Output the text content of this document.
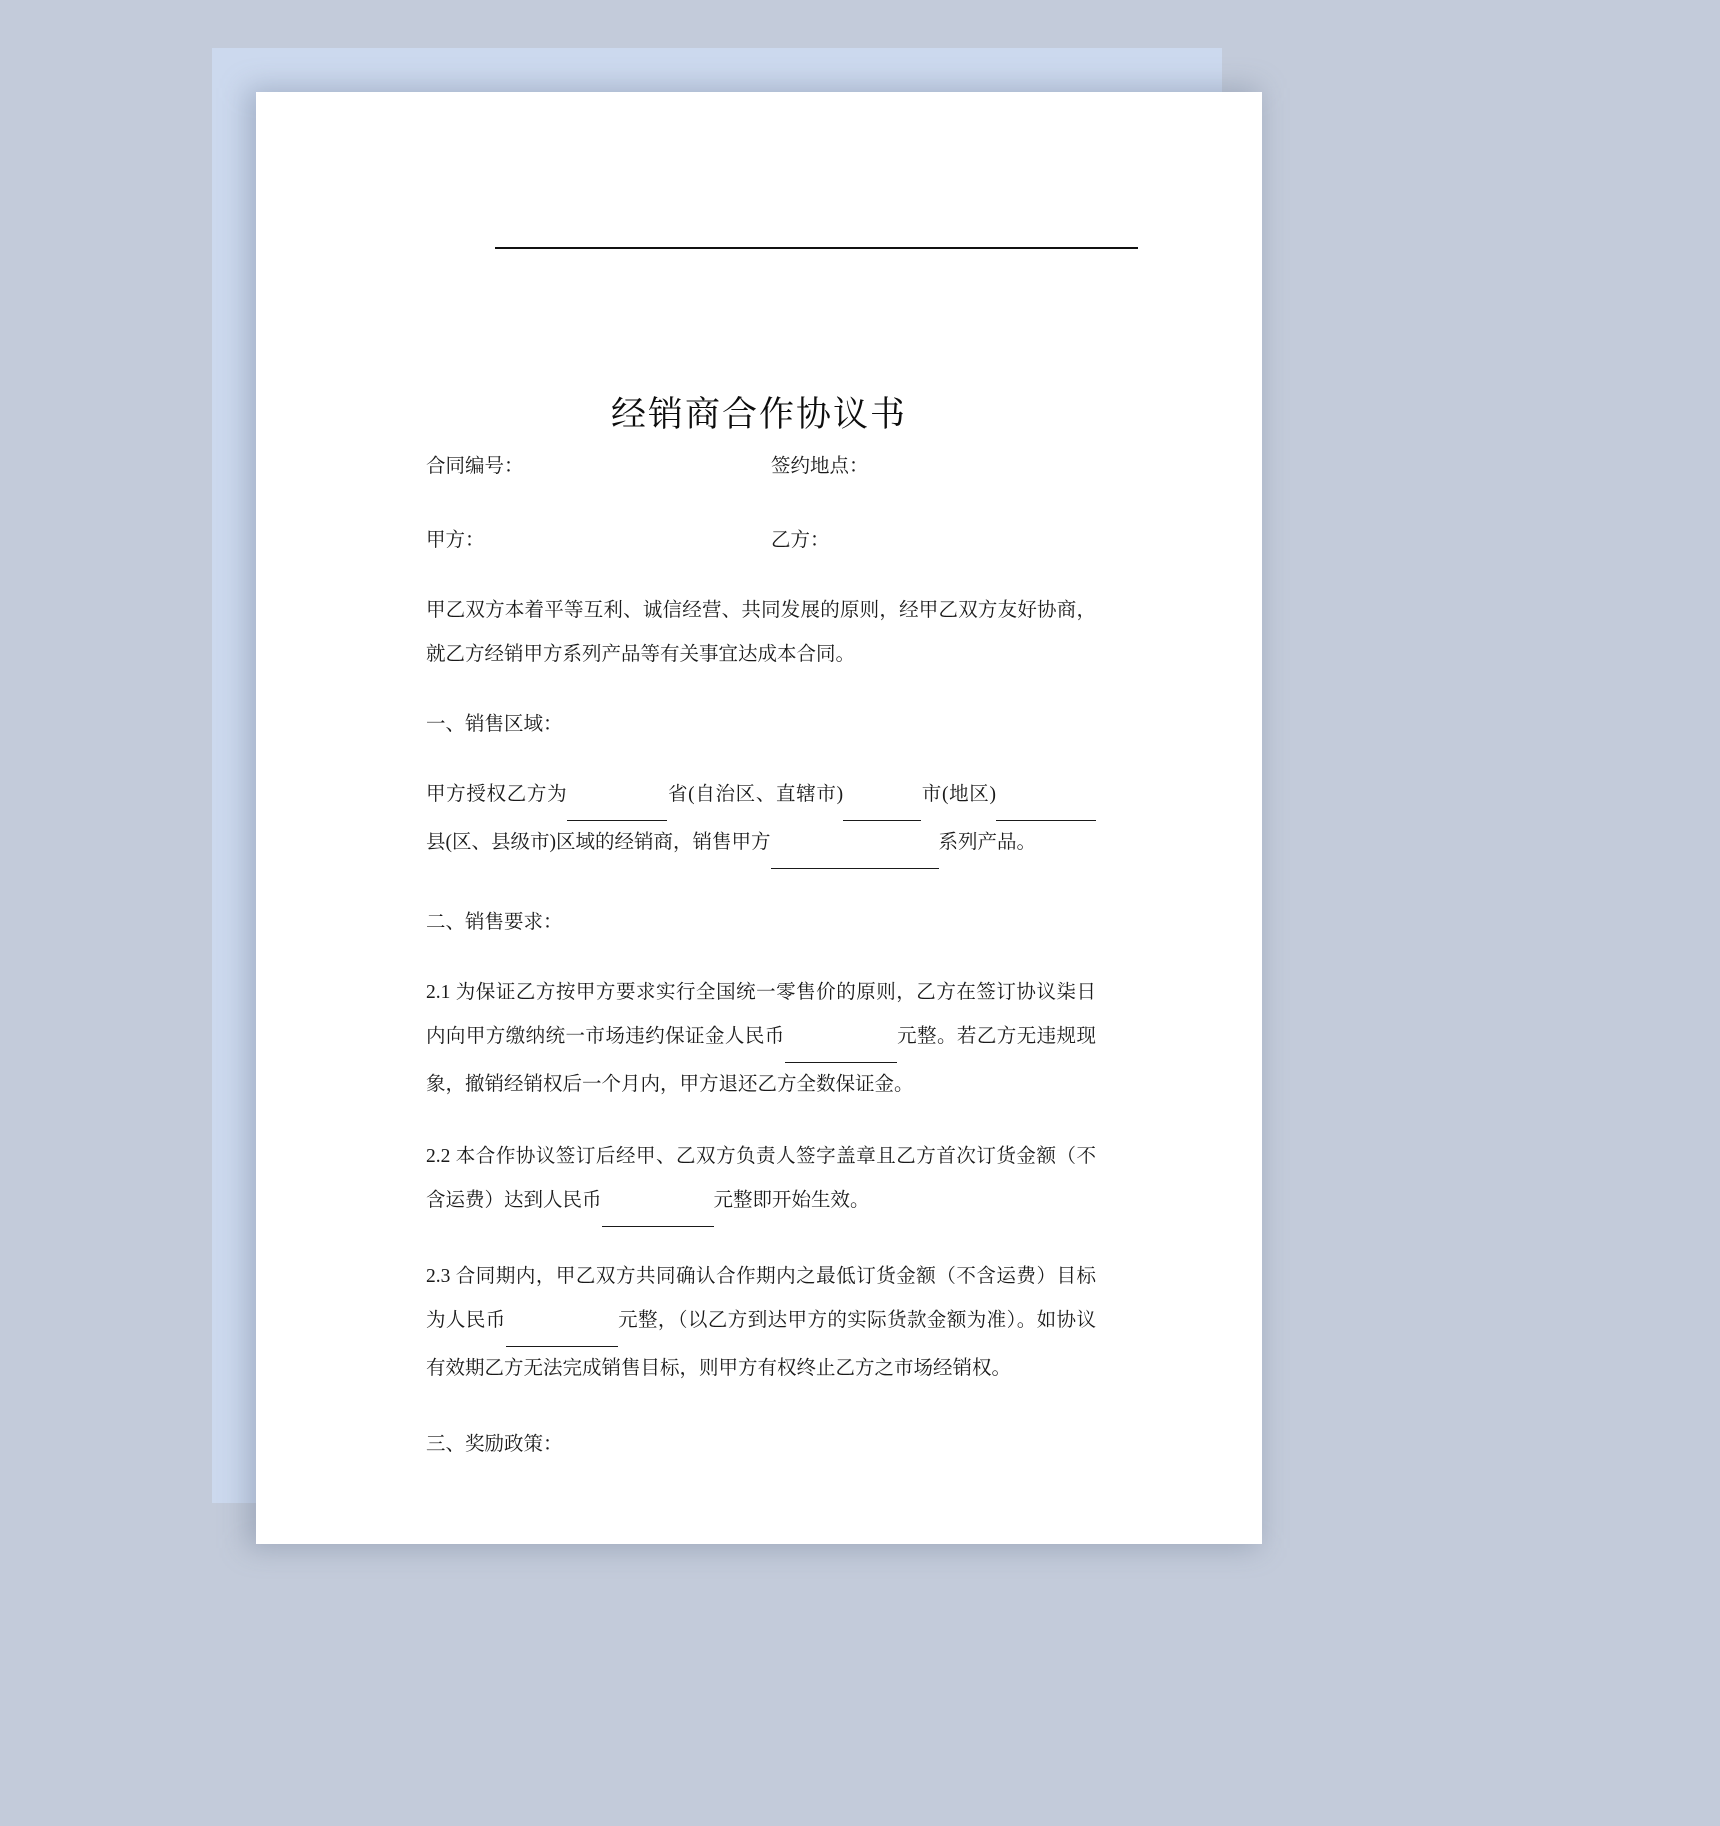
经销商合作协议书
合同编号：	签约地点：
甲方：	乙方：

甲乙双方本着平等互利、诚信经营、共同发展的原则，经甲乙双方友好协商，就乙方经销甲方系列产品等有关事宜达成本合同。

一、销售区域：

甲方授权乙方为	省(自治区、直辖市)	市(地区) 县(区、县级市)区域的经销商，销售甲方	系列产品。

二、销售要求：

2.1 为保证乙方按甲方要求实行全国统一零售价的原则，乙方在签订协议柒日内向甲方缴纳统一市场违约保证金人民币	元整。若乙方无违规现象，撤销经销权后一个月内，甲方退还乙方全数保证金。

2.2 本合作协议签订后经甲、乙双方负责人签字盖章且乙方首次订货金额（不含运费）达到人民币	元整即开始生效。

2.3 合同期内，甲乙双方共同确认合作期内之最低订货金额（不含运费）目标为人民币	元整，（以乙方到达甲方的实际货款金额为准）。如协议有效期乙方无法完成销售目标，则甲方有权终止乙方之市场经销权。

三、奖励政策：
